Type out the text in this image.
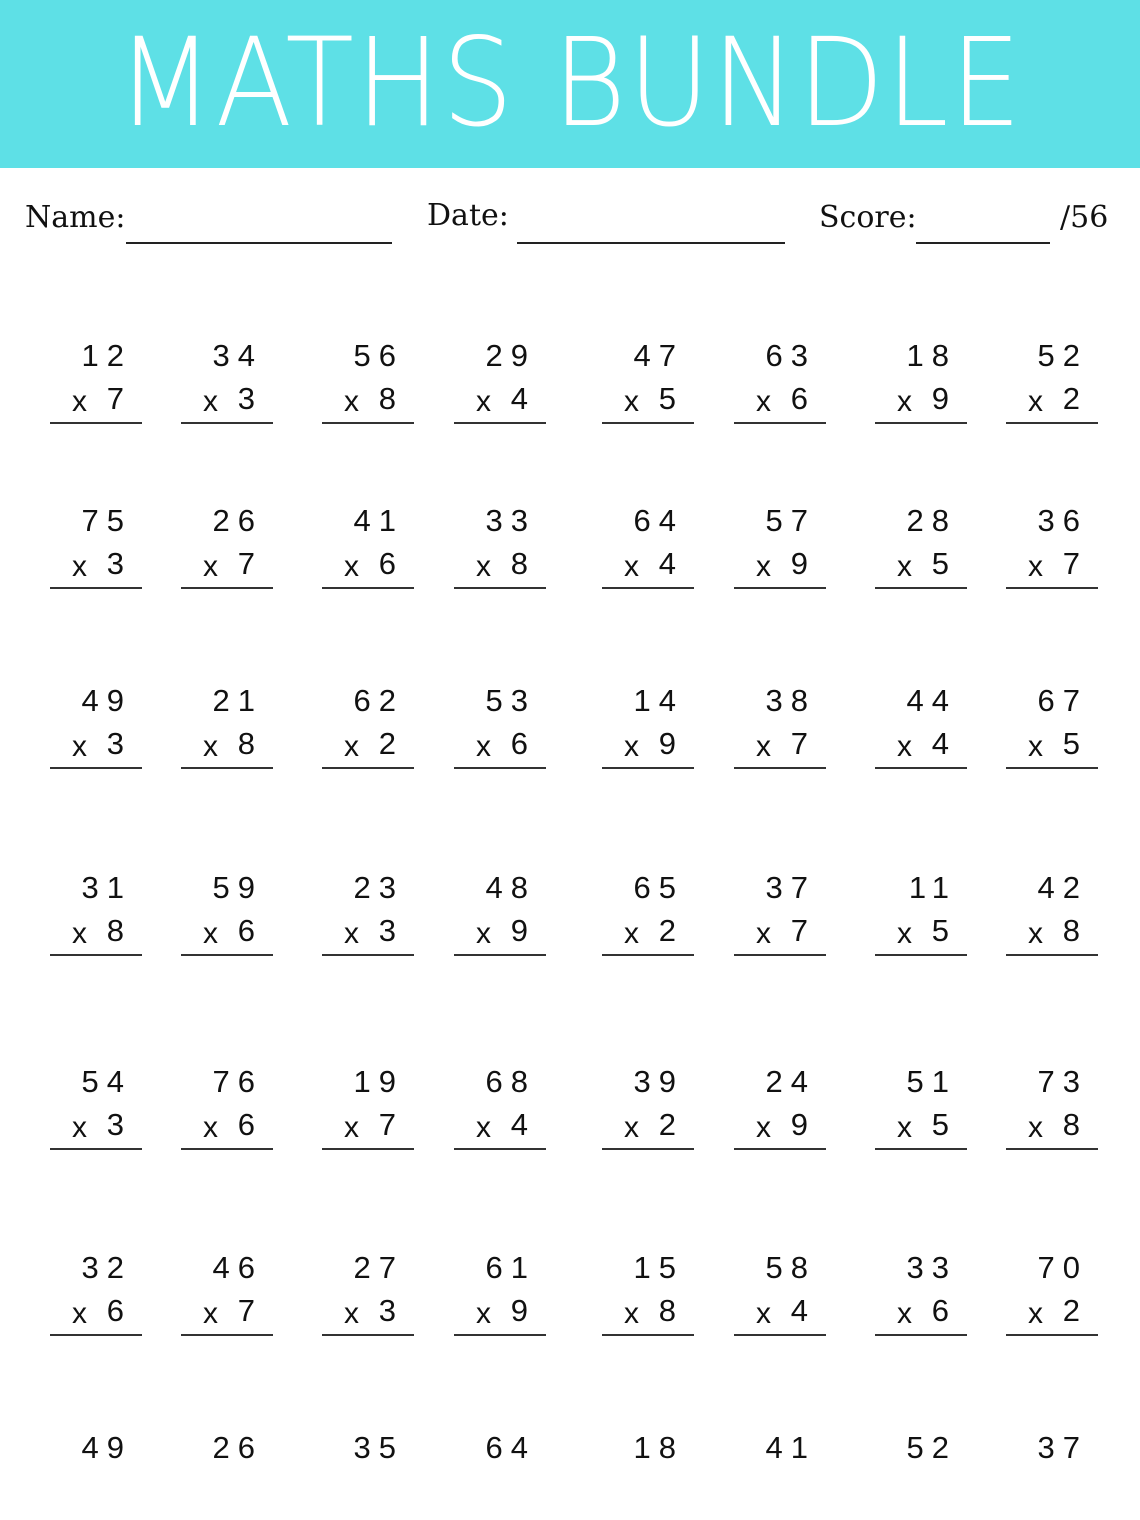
MATHS BUNDLE
Name:	Date:	Score:	/56
12
x 7
34
x 3
56
x 8
29
x 4
47
x 5
63
x 6
18
x 9
52
x 2
75
x 3
26
x 7
41
x 6
33
x 8
64
x 4
57
x 9
28
x 5
36
x 7
49
x 3
21
x 8
62
x 2
53
x 6
14
x 9
38
x 7
44
x 4
67
x 5
31
x 8
59
x 6
23
x 3
48
x 9
65
x 2
37
x 7
11
x 5
42
x 8
54
x 3
76
x 6
19
x 7
68
x 4
39
x 2
24
x 9
51
x 5
73
x 8
32
x 6
46
x 7
27
x 3
61
x 9
15
x 8
58
x 4
33
x 6
70
x 2
49	26	35	64	18	41	52	37
